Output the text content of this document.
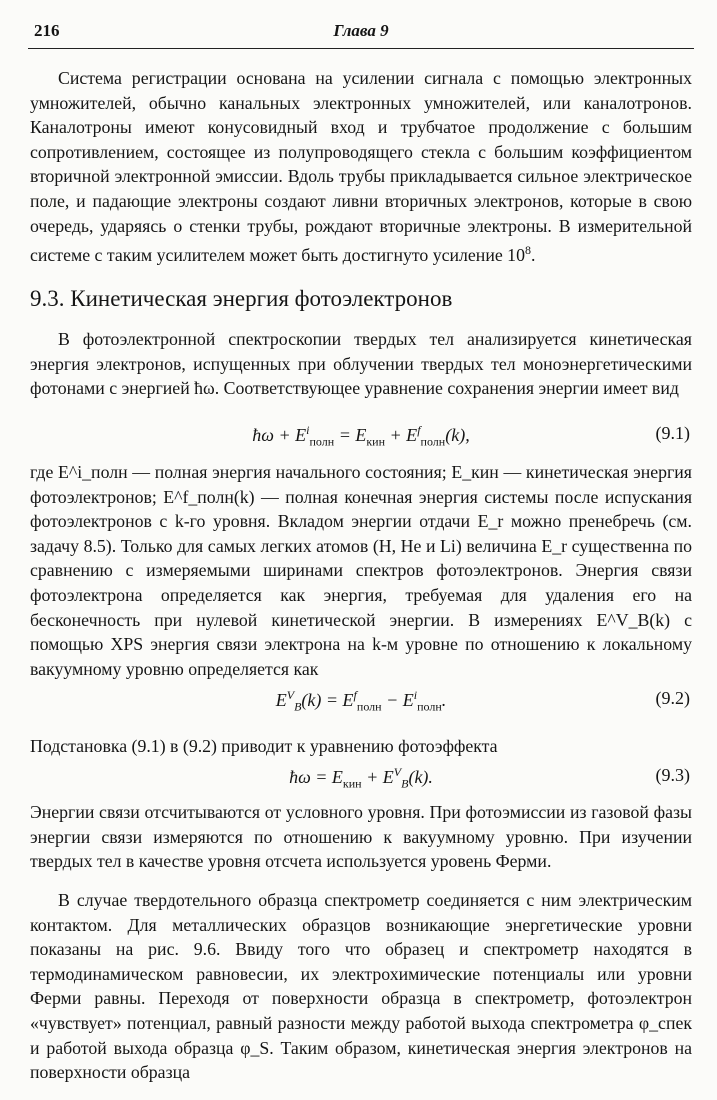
216	Глава 9

Система регистрации основана на усилении сигнала с помощью электронных умножителей, обычно канальных электронных умножителей, или каналотронов. Каналотроны имеют конусовидный вход и трубчатое продолжение с большим сопротивлением, состоящее из полупроводящего стекла с большим коэффициентом вторичной электронной эмиссии. Вдоль трубы прикладывается сильное электрическое поле, и падающие электроны создают ливни вторичных электронов, которые в свою очередь, ударяясь о стенки трубы, рождают вторичные электроны. В измерительной системе с таким усилителем может быть достигнуто усиление $10^8$.

9.3. Кинетическая энергия фотоэлектронов

В фотоэлектронной спектроскопии твердых тел анализируется кинетическая энергия электронов, испущенных при облучении твердых тел моноэнергетическими фотонами с энергией ħω. Соответствующее уравнение сохранения энергии имеет вид

ħω + $E^i_{полн} = E_{кин} + E^f_{полн}(k)$,	(9.1)

где E^i_полн — полная энергия начального состояния; E_кин — кинетическая энергия фотоэлектронов; E^f_полн(k) — полная конечная энергия системы после испускания фотоэлектронов с k-го уровня. Вкладом энергии отдачи E_r можно пренебречь (см. задачу 8.5). Только для самых легких атомов (H, He и Li) величина E_r существенна по сравнению с измеряемыми ширинами спектров фотоэлектронов. Энергия связи фотоэлектрона определяется как энергия, требуемая для удаления его на бесконечность при нулевой кинетической энергии. В измерениях E^V_B(k) с помощью XPS энергия связи электрона на k-м уровне по отношению к локальному вакуумному уровню определяется как

$E^V_B(k) = E^f_{полн} - E^i_{полн}$.	(9.2)

Подстановка (9.1) в (9.2) приводит к уравнению фотоэффекта

ħω = $E_{кин} + E^V_B(k)$.	(9.3)

Энергии связи отсчитываются от условного уровня. При фотоэмиссии из газовой фазы энергии связи измеряются по отношению к вакуумному уровню. При изучении твердых тел в качестве уровня отсчета используется уровень Ферми.

В случае твердотельного образца спектрометр соединяется с ним электрическим контактом. Для металлических образцов возникающие энергетические уровни показаны на рис. 9.6. Ввиду того что образец и спектрометр находятся в термодинамическом равновесии, их электрохимические потенциалы или уровни Ферми равны. Переходя от поверхности образца в спектрометр, фотоэлектрон «чувствует» потенциал, равный разности между работой выхода спектрометра φ_спек и работой выхода образца φ_S. Таким образом, кинетическая энергия электронов на поверхности образца
